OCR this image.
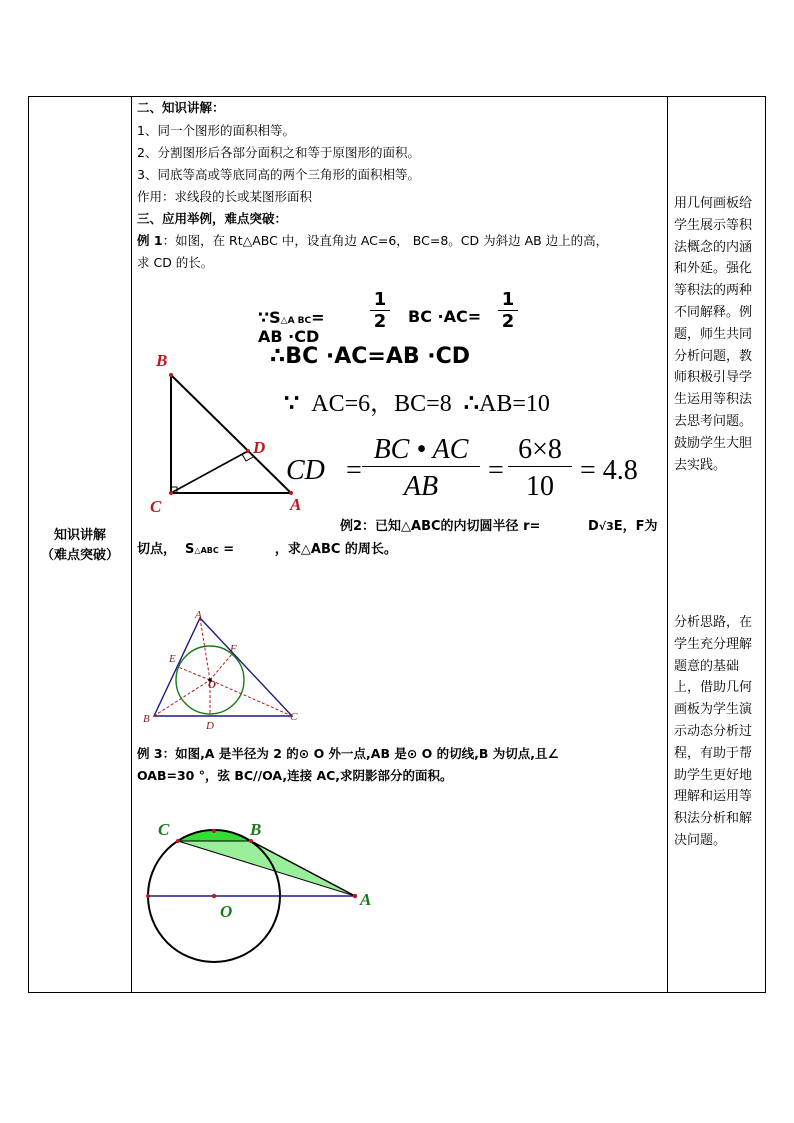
知识讲解
（难点突破）
二、知识讲解：
1、同一个图形的面积相等。
2、分割图形后各部分面积之和等于原图形的面积。
3、同底等高或等底同高的两个三角形的面积相等。
作用：求线段的长或某图形面积
三、应用举例，难点突破：
例 1：如图，在 Rt△ABC 中，设直角边 AC=6， BC=8。CD 为斜边 AB 边上的高，
求 CD 的长。
∵S△A BC=	$\frac{1}{2}$ BC $\cdot AC= \frac{1}{2}$
AB ·CD
∴BC ·AC=AB ·CD
∵ AC=6，BC=8 ∴AB=10
CD = $\frac{BC • AC}{AB} = \frac{6\times 8}{10} = 4.8$
B
C
D
A
例2：已知△ABC的内切圆半径 r=	D√3E，F为
切点，  S△ABC =         ，求△ABC 的周长。
A
B	C
D
E
F
O
例 3：如图,A 是半径为 2 的⊙ O 外一点,AB 是⊙ O 的切线,B 为切点,且∠
OAB=30 °，弦 BC//OA,连接 AC,求阴影部分的面积。
C	B
A
O
用几何画板给学生展示等积法概念的内涵和外延。强化等积法的两种不同解释。例题，师生共同分析问题，教师积极引导学生运用等积法去思考问题。鼓励学生大胆去实践。
分析思路，在学生充分理解题意的基础上，借助几何画板为学生演示动态分析过程，有助于帮助学生更好地理解和运用等积法分析和解决问题。
